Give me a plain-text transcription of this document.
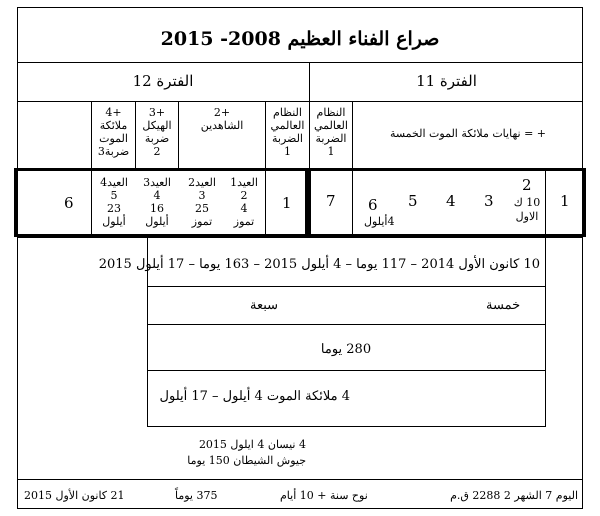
صراع الفناء العظيم 2008- 2015
الفترة 12	الفترة 11
+4
ملائكة
الموت
ضربة3
+3
الهيكل
ضربة
2
+2
الشاهدين
النظام
العالمي
الضربة
1
النظام
العالمي
الضربة
1
+ = نهايات ملائكة الموت الخمسة
6	1
العيد4
5
23
أيلول
العيد3
4
16
أيلول
العيد2
3
25
تموز
العيد1
2
4
تموز
7 6
4أيلول
5 4 3
2
10 ك
الاول
1
10 كانون الأول 2014 – 117 يوما – 4 أيلول 2015 – 163 يوما – 17 أيلول 2015
خمسة
سبعة
280 يوما
4 ملائكة الموت 4 أيلول – 17 أيلول
4 نيسان 4 ايلول 2015
جيوش الشيطان 150 يوما
اليوم 7 الشهر 2 2288 ق.م
نوح سنة + 10 أيام
375 يوماً
21 كانون الأول 2015
